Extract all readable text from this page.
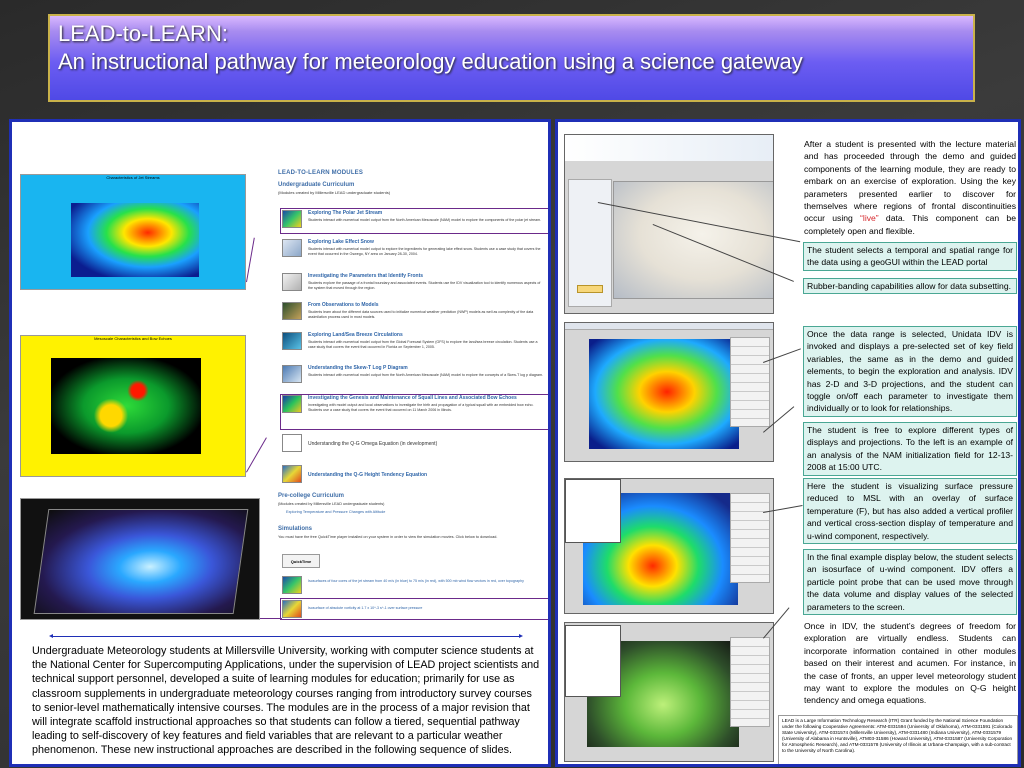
LEAD-to-LEARN:
An instructional pathway for meteorology education using a science gateway
Characteristics of Jet Streams
Mesoscale Characteristics and Bow Echoes
LEAD-TO-LEARN MODULES
Undergraduate Curriculum
(Modules created by Millersville LEAD undergraduate students)
Exploring The Polar Jet Stream
Students interact with numerical model output from the North American Mesoscale (NAM) model to explore the components of the polar jet stream.
Exploring Lake Effect Snow
Students interact with numerical model output to explore the ingredients for generating lake effect snow. Students use a case study that covers the event that occurred in the Oswego, NY area on January 28-30, 2004.
Investigating the Parameters that Identify Fronts
Students explore the passage of a frontal boundary and associated events. Students use the IDV visualization tool to identify numerous aspects of the system that moved through the region.
From Observations to Models
Students learn about the different data sources used to initialize numerical weather prediction (NWP) models as well as complexity of the data assimilation process used in most models.
Exploring Land/Sea Breeze Circulations
Students interact with numerical model output from the Global Forecast System (GFS) to explore the land/sea breeze circulation. Students use a case study that covers the event that occurred in Florida on September 1, 2005.
Understanding the Skew-T Log P Diagram
Students interact with numerical model output from the North American Mesoscale (NAM) model to explore the concepts of a Skew-T log p diagram.
Investigating the Genesis and Maintenance of Squall Lines and Associated Bow Echoes
Investigating with model output and local observations to investigate the birth and propagation of a typical squall with an embedded bow echo. Students use a case study that covers the event that occurred on 11 March 2006 in Illinois.
Understanding the Q-G Omega Equation (in development)
Understanding the Q-G Height Tendency Equation
Pre-college Curriculum
(Modules created by Millersville LEAD undergraduate students)
Exploring Temperature and Pressure Changes with Altitude
Simulations
You must have the free QuickTime player installed on your system in order to view the simulation movies. Click below to download.
QuickTime
Isosurfaces of four cores of the jet stream from 40 m/s (in blue) to 75 m/s (in red), with 500 mb wind flow vectors in red, over topography
Isosurface of absolute vorticity at 1.7 x 10^-3 s^-1 over surface pressure
Undergraduate Meteorology students at Millersville University, working with computer science students at the National Center for Supercomputing Applications, under the supervision of LEAD project scientists and technical support personnel, developed a suite of learning modules for education; primarily for use as classroom supplements in undergraduate meteorology courses ranging from introductory survey courses to senior-level mathematically intensive courses. The modules are in the process of a major revision that will integrate scaffold instructional approaches so that students can follow a tiered, sequential pathway leading to self-discovery of key features and field variables that are relevant to a particular weather phenomenon. These new instructional approaches are described in the following sequence of slides.
After a student is presented with the lecture material and has proceeded through the demo and guided components of the learning module, they are ready to embark on an exercise of exploration. Using the key parameters presented earlier to discover for themselves where regions of frontal discontinuities occur using “live” data. This component can be completely open and flexible.
The student selects a temporal and spatial range for the data using a geoGUI within the LEAD portal
Rubber-banding capabilities allow for data subsetting.
Once the data range is selected, Unidata IDV is invoked and displays a pre-selected set of key field variables, the same as in the demo and guided elements, to begin the exploration and analysis. IDV has 2-D and 3-D projections, and the student can toggle on/off each parameter to investigate them individually or to look for relationships.
The student is free to explore different types of displays and projections. To the left is an example of an analysis of the NAM initialization field for 12-13-2008 at 15:00 UTC.
Here the student is visualizing surface pressure reduced to MSL with an overlay of surface temperature (F), but has also added a vertical profiler and vertical cross-section display of temperature and u-wind component, respectively.
In the final example display below, the student selects an isosurface of u-wind component. IDV offers a particle point probe that can be used move through the data volume and display values of the selected parameters to the screen.
Once in IDV, the student’s degrees of freedom for exploration are virtually endless. Students can incorporate information contained in other modules based on their interest and acumen. For instance, in the case of fronts, an upper level meteorology student may want to explore the modules on Q-G height tendency and omega equations.
LEAD is a Large Information Technology Research (ITR) Grant funded by the National Science Foundation under the following Cooperative Agreements: ATM-0331594 (University of Oklahoma), ATM-0331591 (Colorado State University), ATM-0331574 (Millersville University), ATM-0331480 (Indiana University), ATM-0331579 (University of Alabama in Huntsville), ATM03-31586 (Howard University), ATM-0331587 (University Corporation for Atmospheric Research), and ATM-0331578 (University of Illinois at Urbana-Champaign, with a sub-contract to the University of North Carolina).
